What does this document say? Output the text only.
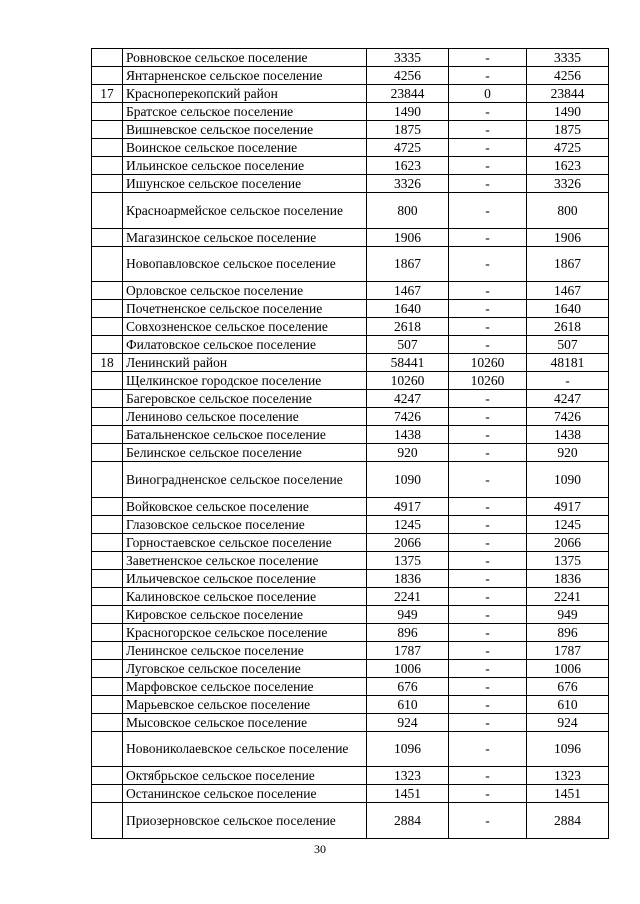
	Ровновское сельское поселение	3335	-	3335
	Янтарненское сельское поселение	4256	-	4256
17	Красноперекопский район	23844	0	23844
	Братское сельское поселение	1490	-	1490
	Вишневское сельское поселение	1875	-	1875
	Воинское сельское поселение	4725	-	4725
	Ильинское сельское поселение	1623	-	1623
	Ишунское сельское поселение	3326	-	3326
	Красноармейское сельское поселение	800	-	800
	Магазинское сельское поселение	1906	-	1906
	Новопавловское сельское поселение	1867	-	1867
	Орловское сельское поселение	1467	-	1467
	Почетненское сельское поселение	1640	-	1640
	Совхозненское сельское поселение	2618	-	2618
	Филатовское сельское поселение	507	-	507
18	Ленинский район	58441	10260	48181
	Щелкинское городское поселение	10260	10260	-
	Багеровское сельское поселение	4247	-	4247
	Лениново сельское поселение	7426	-	7426
	Батальненское сельское поселение	1438	-	1438
	Белинское сельское поселение	920	-	920
	Виноградненское сельское поселение	1090	-	1090
	Войковское сельское поселение	4917	-	4917
	Глазовское сельское поселение	1245	-	1245
	Горностаевское сельское поселение	2066	-	2066
	Заветненское сельское поселение	1375	-	1375
	Ильичевское сельское поселение	1836	-	1836
	Калиновское сельское поселение	2241	-	2241
	Кировское сельское поселение	949	-	949
	Красногорское сельское поселение	896	-	896
	Ленинское сельское поселение	1787	-	1787
	Луговское сельское поселение	1006	-	1006
	Марфовское сельское поселение	676	-	676
	Марьевское сельское поселение	610	-	610
	Мысовское сельское поселение	924	-	924
	Новониколаевское сельское поселение	1096	-	1096
	Октябрьское сельское поселение	1323	-	1323
	Останинское сельское поселение	1451	-	1451
	Приозерновское сельское поселение	2884	-	2884
30
